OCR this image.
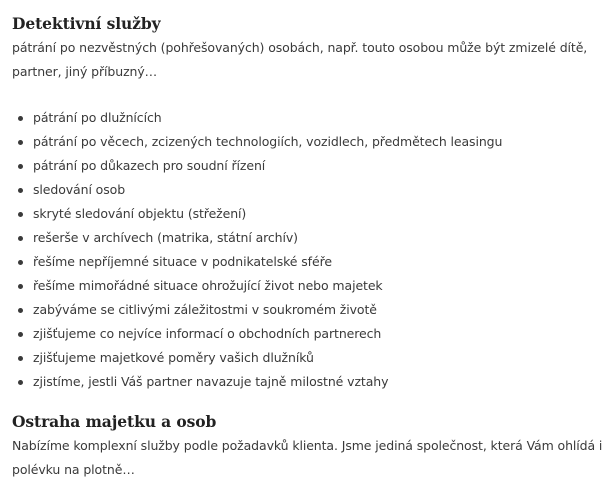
Detektivní služby

pátrání po nezvěstných (pohřešovaných) osobách, např. touto osobou může být zmizelé dítě,

partner, jiný příbuzný…

pátrání po dlužnících
pátrání po věcech, zcizených technologiích, vozidlech, předmětech leasingu
pátrání po důkazech pro soudní řízení
sledování osob
skryté sledování objektu (střežení)
rešerše v archívech (matrika, státní archív)
řešíme nepříjemné situace v podnikatelské sféře
řešíme mimořádné situace ohrožující život nebo majetek
zabýváme se citlivými záležitostmi v soukromém životě
zjišťujeme co nejvíce informací o obchodních partnerech
zjišťujeme majetkové poměry vašich dlužníků
zjistíme, jestli Váš partner navazuje tajně milostné vztahy
Ostraha majetku a osob

Nabízíme komplexní služby podle požadavků klienta. Jsme jediná společnost, která Vám ohlídá i

polévku na plotně…
